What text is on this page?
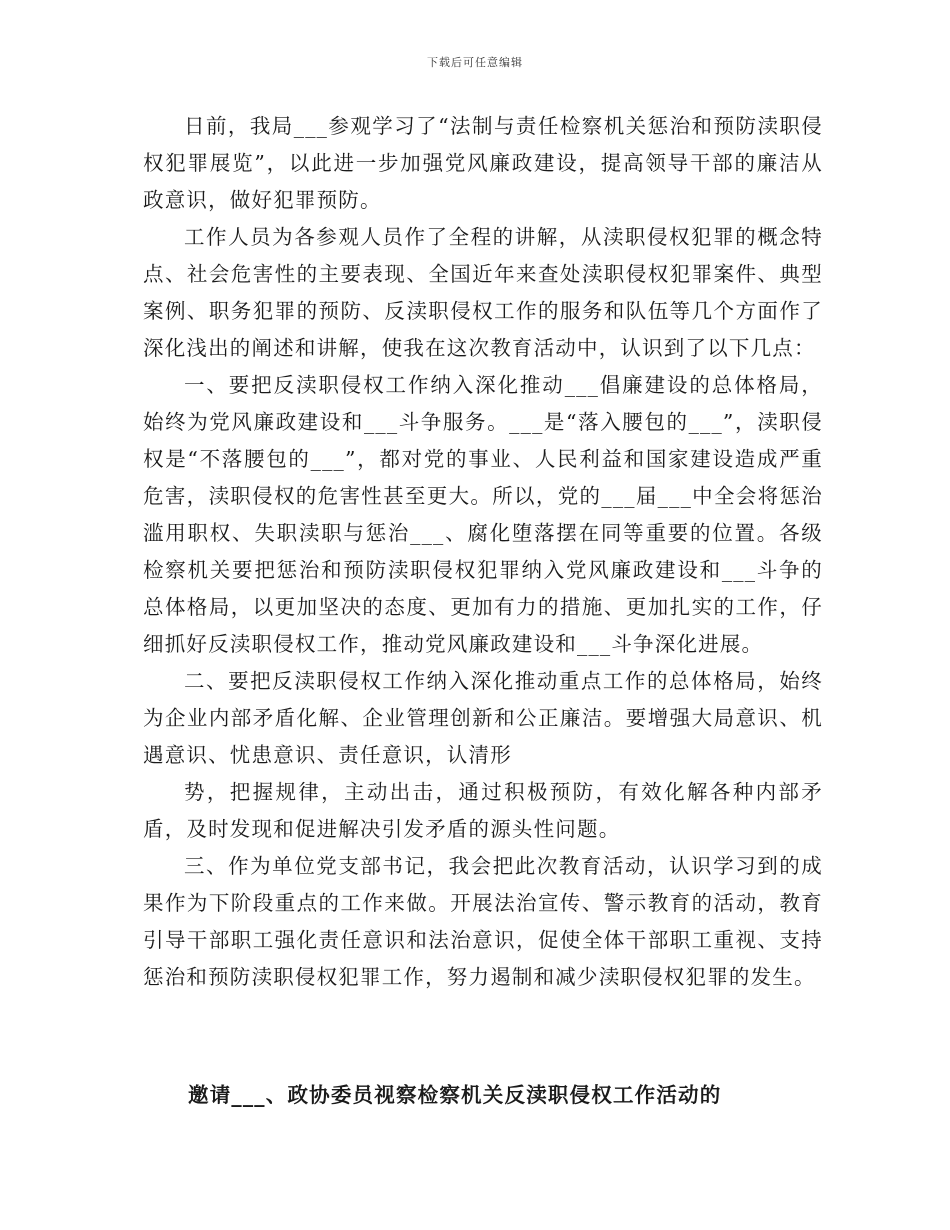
下载后可任意编辑

日前，我局___参观学习了“法制与责任检察机关惩治和预防渎职侵权犯罪展览”，以此进一步加强党风廉政建设，提高领导干部的廉洁从政意识，做好犯罪预防。

工作人员为各参观人员作了全程的讲解，从渎职侵权犯罪的概念特点、社会危害性的主要表现、全国近年来查处渎职侵权犯罪案件、典型案例、职务犯罪的预防、反渎职侵权工作的服务和队伍等几个方面作了深化浅出的阐述和讲解，使我在这次教育活动中，认识到了以下几点：

一、要把反渎职侵权工作纳入深化推动___倡廉建设的总体格局，始终为党风廉政建设和___斗争服务。___是“落入腰包的___”，渎职侵权是“不落腰包的___”，都对党的事业、人民利益和国家建设造成严重危害，渎职侵权的危害性甚至更大。所以，党的___届___中全会将惩治滥用职权、失职渎职与惩治___、腐化堕落摆在同等重要的位置。各级检察机关要把惩治和预防渎职侵权犯罪纳入党风廉政建设和___斗争的总体格局，以更加坚决的态度、更加有力的措施、更加扎实的工作，仔细抓好反渎职侵权工作，推动党风廉政建设和___斗争深化进展。

二、要把反渎职侵权工作纳入深化推动重点工作的总体格局，始终为企业内部矛盾化解、企业管理创新和公正廉洁。要增强大局意识、机遇意识、忧患意识、责任意识，认清形

势，把握规律，主动出击，通过积极预防，有效化解各种内部矛盾，及时发现和促进解决引发矛盾的源头性问题。

三、作为单位党支部书记，我会把此次教育活动，认识学习到的成果作为下阶段重点的工作来做。开展法治宣传、警示教育的活动，教育引导干部职工强化责任意识和法治意识，促使全体干部职工重视、支持惩治和预防渎职侵权犯罪工作，努力遏制和减少渎职侵权犯罪的发生。

邀请___、政协委员视察检察机关反渎职侵权工作活动的
